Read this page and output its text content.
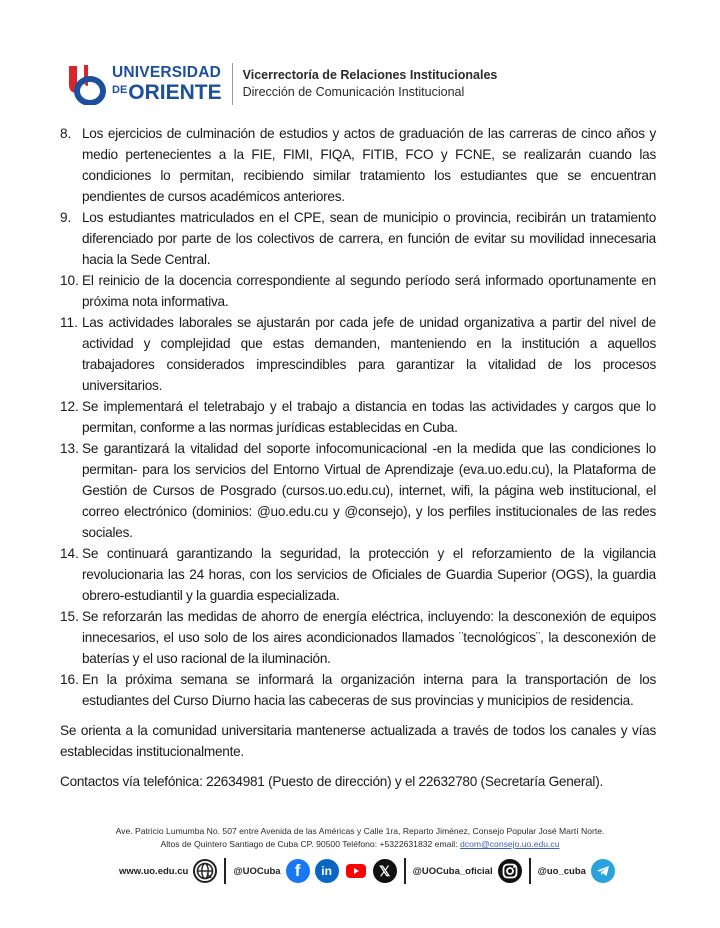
UNIVERSIDAD
$^{DE}$ORIENTE
Vicerrectoría de Relaciones Institucionales
Dirección de Comunicación Institucional
8. Los ejercicios de culminación de estudios y actos de graduación de las carreras de cinco años y medio pertenecientes a la FIE, FIMI, FIQA, FITIB, FCO y FCNE, se realizarán cuando las condiciones lo permitan, recibiendo similar tratamiento los estudiantes que se encuentran pendientes de cursos académicos anteriores.
9. Los estudiantes matriculados en el CPE, sean de municipio o provincia, recibirán un tratamiento diferenciado por parte de los colectivos de carrera, en función de evitar su movilidad innecesaria hacia la Sede Central.
10. El reinicio de la docencia correspondiente al segundo período será informado oportunamente en próxima nota informativa.
11. Las actividades laborales se ajustarán por cada jefe de unidad organizativa a partir del nivel de actividad y complejidad que estas demanden, manteniendo en la institución a aquellos trabajadores considerados imprescindibles para garantizar la vitalidad de los procesos universitarios.
12. Se implementará el teletrabajo y el trabajo a distancia en todas las actividades y cargos que lo permitan, conforme a las normas jurídicas establecidas en Cuba.
13. Se garantizará la vitalidad del soporte infocomunicacional -en la medida que las condiciones lo permitan- para los servicios del Entorno Virtual de Aprendizaje (eva.uo.edu.cu), la Plataforma de Gestión de Cursos de Posgrado (cursos.uo.edu.cu), internet, wifi, la página web institucional, el correo electrónico (dominios: @uo.edu.cu y @consejo), y los perfiles institucionales de las redes sociales.
14. Se continuará garantizando la seguridad, la protección y el reforzamiento de la vigilancia revolucionaria las 24 horas, con los servicios de Oficiales de Guardia Superior (OGS), la guardia obrero-estudiantil y la guardia especializada.
15. Se reforzarán las medidas de ahorro de energía eléctrica, incluyendo: la desconexión de equipos innecesarios, el uso solo de los aires acondicionados llamados ¨tecnológicos¨, la desconexión de baterías y el uso racional de la iluminación.
16. En la próxima semana se informará la organización interna para la transportación de los estudiantes del Curso Diurno hacia las cabeceras de sus provincias y municipios de residencia.
Se orienta a la comunidad universitaria mantenerse actualizada a través de todos los canales y vías establecidas institucionalmente.
Contactos vía telefónica: 22634981 (Puesto de dirección) y el 22632780 (Secretaría General).
Ave. Patricio Lumumba No. 507 entre Avenida de las Américas y Calle 1ra, Reparto Jiménez, Consejo Popular José Martí Norte.
Altos de Quintero Santiago de Cuba CP. 90500 Teléfono: +5322631832 email: dcom@consejo.uo.edu.cu
www.uo.edu.cu	@UOCuba f	in	𝕏	@UOCuba_oficial	@uo_cuba
